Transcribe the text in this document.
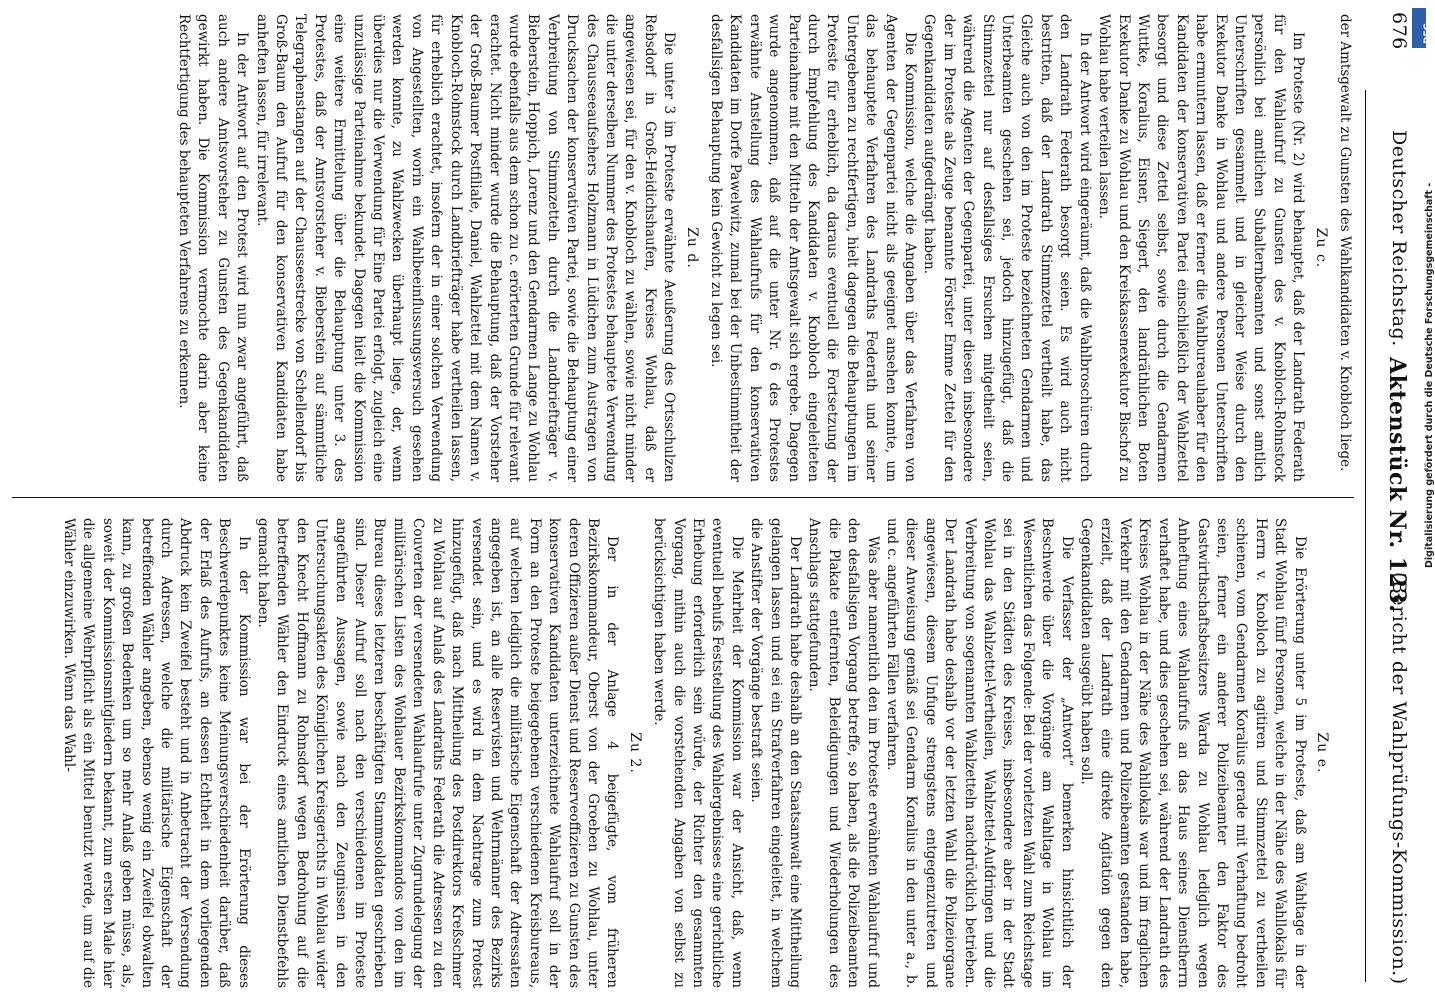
676
Deutscher Reichstag.
Aktenstück Nr. 123.
(Bericht der Wahlprüfungs-Kommission.)

der Amtsgewalt zu Gunsten des Wahlkandidaten v. Knobloch liege.

Zu c.

Im Proteste (Nr. 2) wird behauptet, daß der Landrath Federath für den Wahlaufruf zu Gunsten des v. Knobloch-Rohnstock persönlich bei amtlichen Subalternbeamten und sonst amtlich Unterschriften gesammelt und in gleicher Weise durch den Exekutor Danke in Wohlau und andere Personen Unterschriften habe ermuntern lassen, daß er ferner die Wahlbureauhaber für den Kandidaten der konservativen Partei einschließlich der Wahlzettel besorgt und diese Zettel selbst, sowie durch die Gendarmen Wuttke, Koralius, Eisner, Siegert, den landräthlichen Boten Exekutor Danke zu Wohlau und den Kreiskassenexekutor Bischof zu Wohlau habe verteilen lassen.

In der Antwort wird eingeräumt, daß die Wahlbroschüren durch den Landrath Federath besorgt seien. Es wird auch nicht bestritten, daß der Landrath Stimmzettel vertheilt habe, das Gleiche auch von den im Proteste bezeichneten Gendarmen und Unterbeamten geschehen sei, jedoch hinzugefügt, daß die Stimmzettel nur auf desfallsiges Ersuchen mitgetheilt seien, während die Agenten der Gegenpartei, unter diesen insbesondere der im Proteste als Zeuge benannte Förster Emme Zettel für den Gegenkandidaten aufgedrängt haben.

Die Kommission, welche die Angaben über das Verfahren von Agenten der Gegenpartei nicht als geeignet ansehen konnte, um das behauptete Verfahren des Landraths Federath und seiner Untergebenen zu rechtfertigen, hielt dagegen die Behauptungen im Proteste für erheblich, da daraus eventuell die Fortsetzung der durch Empfehlung des Kandidaten v. Knobloch eingeleiteten Parteinahme mit den Mitteln der Amtsgewalt sich ergebe. Dagegen wurde angenommen, daß auf die unter Nr. 6 des Protestes erwähnte Anstellung des Wahlaufrufs für den konservativen Kandidaten im Dorfe Pawelwitz, zumal bei der Unbestimmtheit der desfallsigen Behauptung kein Gewicht zu legen sei.

Zu d.

Die unter 3 im Proteste erwähnte Aeußerung des Ortsschulzen Rebsdorf in Groß-Heidichshaufen, Kreises Wohlau, daß er angewiesen sei, für den v. Knobloch zu wählen, sowie nicht minder die unter derselben Nummer des Protestes behauptete Verwendung des Chausseeaufsehers Holzmann in Lüdichen zum Austragen von Drucksachen der konservativen Partei, sowie die Behauptung einer Verbreitung von Stimmzetteln durch die Landbriefträger v. Bieberstein, Hoppich, Lorenz und den Gendarmen Lange zu Wohlau wurde ebenfalls aus dem schon zu c. erörterten Grunde für relevant erachtet. Nicht minder wurde die Behauptung, daß der Vorsteher der Groß-Baumer Postfiliale, Daniel, Wahlzettel mit dem Namen v. Knobloch-Rohnstock durch Landbriefträger habe vertheilen lassen, für erheblich erachtet, insofern der in einer solchen Verwendung von Angestellten, worin ein Wahlbeeinflussungsversuch gesehen werden konnte, zu Wahlzwecken überhaupt liege, der, wenn überdies nur die Verwendung für Eine Partei erfolgt, zugleich eine unzulässige Parteinahme bekundet. Dagegen hielt die Kommission eine weitere Ermittelung über die Behauptung unter 3. des Protestes, daß der Amtsvorsteher v. Bieberstein auf sämmtliche Telegraphenstangen auf der Chausseestrecke von Schellendorf bis Groß-Baum den Aufruf für den konservativen Kandidaten habe anheften lassen, für irrelevant.

In der Antwort auf den Protest wird nun zwar angeführt, daß auch andere Amtsvorsteher zu Gunsten des Gegenkandidaten gewirkt haben. Die Kommission vermochte darin aber keine Rechtfertigung des behaupteten Verfahrens zu erkennen.

Zu e.

Die Erörterung unter 5 im Proteste, daß am Wahltage in der Stadt Wohlau fünf Personen, welche in der Nähe des Wahllokals für Herrn v. Knobloch zu agitiren und Stimmzettel zu vertheilen schienen, vom Gendarmen Koralius gerade mit Verhaftung bedroht seien, ferner ein anderer Polizeibeamter den Faktor des Gastwirthschaftsbesitzers Warda zu Wohlau lediglich wegen Anheftung eines Wahlaufrufs an das Haus seines Dienstherrn verhaftet habe, und dies geschehen sei, während der Landrath des Kreises Wohlau in der Nähe des Wahllokals war und im fraglichen Verkehr mit den Gendarmen und Polizeibeamten gestanden habe, erzielt, daß der Landrath eine direkte Agitation gegen den Gegenkandidaten ausgeübt haben soll.

Die Verfasser der „Antwort“ bemerken hinsichtlich der Beschwerde über die Vorgänge am Wahltage in Wohlau im Wesentlichen das Folgende: Bei der vorletzten Wahl zum Reichstage sei in den Städten des Kreises, insbesondere aber in der Stadt Wohlau das Wahlzettel-Vertheilen, Wahlzettel-Aufdringen und die Verbreitung von sogenannten Wahlzetteln nachdrücklich betrieben. Der Landrath habe deshalb vor der letzten Wahl die Polizeiorgane angewiesen, diesem Unfuge strengstens entgegenzutreten und dieser Anweisung gemäß sei Gendarm Koralius in den unter a., b. und c. angeführten Fällen verfahren.

Was aber namentlich den im Proteste erwähnten Wahlaufruf und den desfallsigen Vorgang betreffe, so haben, als die Polizeibeamten die Plakate entfernten, Beleidigungen und Wiederholungen des Anschlags stattgefunden.

Der Landrath habe deshalb an den Staatsanwalt eine Mittheilung gelangen lassen und sei ein Strafverfahren eingeleitet, in welchem die Anstifter der Vorgänge bestraft seien.

Die Mehrheit der Kommission war der Ansicht, daß, wenn eventuell behufs Feststellung des Wahlergebnisses eine gerichtliche Erhebung erforderlich sein würde, der Richter den gesammten Vorgang, mithin auch die vorstehenden Angaben von selbst zu berücksichtigen haben werde.

Zu 2.

Der in der Anlage 4 beigefügte, vom früheren Bezirkskommandeur, Oberst von der Groeben zu Wohlau, unter deren Offizieren außer Dienst und Reserveoffizieren zu Gunsten des konservativen Kandidaten unterzeichnete Wahlaufruf soll in der Form an den Proteste beigegebenen verschiedenen Kreisbureaus, auf welchen lediglich die militärische Eigenschaft der Adressaten angegeben ist, an alle Reservisten und Wehrmänner des Bezirks versendet sein, und es wird in dem Nachtrage zum Protest hinzugefügt, daß nach Mittheilung des Postdirektors Kreßschmer zu Wohlau auf Anlaß des Landraths Federath die Adressen zu den Couverten der versendeten Wahlaufrufe unter Zugrundelegung der militärischen Listen des Wohlauer Bezirkskommandos von den im Bureau dieses letzteren beschäftigten Stammsoldaten geschrieben sind. Dieser Aufruf soll nach den verschiedenen im Proteste angeführten Aussagen, sowie nach den Zeugnissen in den Untersuchungsakten des Königlichen Kreisgerichts in Wohlau wider den Knecht Hoffmann zu Rohnsdorf wegen Bedrohung auf die betreffenden Wähler den Eindruck eines amtlichen Dienstbefehls gemacht haben.

In der Kommission war bei der Erörterung dieses Beschwerdepunktes keine Meinungsverschiedenheit darüber, daß der Erlaß des Aufrufs, an dessen Echtheit in dem vorliegenden Abdruck kein Zweifel besteht und in Anbetracht der Versendung durch Adressen, welche die militärische Eigenschaft der betreffenden Wähler angeben, ebenso wenig ein Zweifel obwalten kann, zu großen Bedenken um so mehr Anlaß geben müsse, als, soweit der Kommissionsmitgliedern bekannt, zum ersten Male hier die allgemeine Wehrpflicht als ein Mittel benutzt werde, um auf die Wähler einzuwirken. Wenn das Wahl-

Digitalisierung gefördert durch die Deutsche Forschungsgemeinschaft -
DFG
